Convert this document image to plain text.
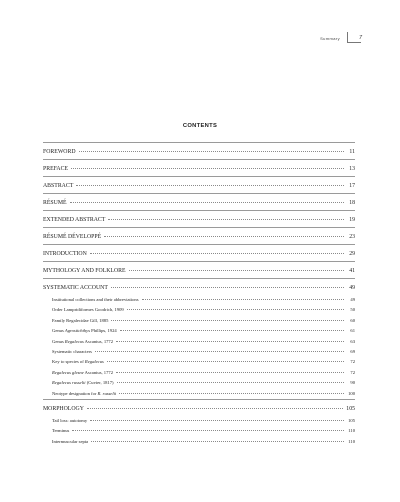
Summary	7
CONTENTS
FOREWORD	11
PREFACE	13
ABSTRACT	17
RÉSUMÉ	18
EXTENDED ABSTRACT	19
RÉSUMÉ DÉVELOPPÉ	23
INTRODUCTION	29
MYTHOLOGY AND FOLKLORE	41
SYSTEMATIC ACCOUNT	49
Institutional collections and their abbreviations	49
Order Lampridiformes Goodrich, 1909	50
Family Regalecidae Gill, 1885	60
Genus Agrostichthys Phillips, 1924	61
Genus Regalecus Ascanius, 1772	63
Systematic characters	69
Key to species of Regalecus	72
Regalecus glesne Ascanius, 1772	72
Regalecus russelii (Cuvier, 1817)	90
Neotype designation for R. russelii	100
MORPHOLOGY	105
Tail loss: autotomy	105
Terminus	110
Intermuscular septa	110
